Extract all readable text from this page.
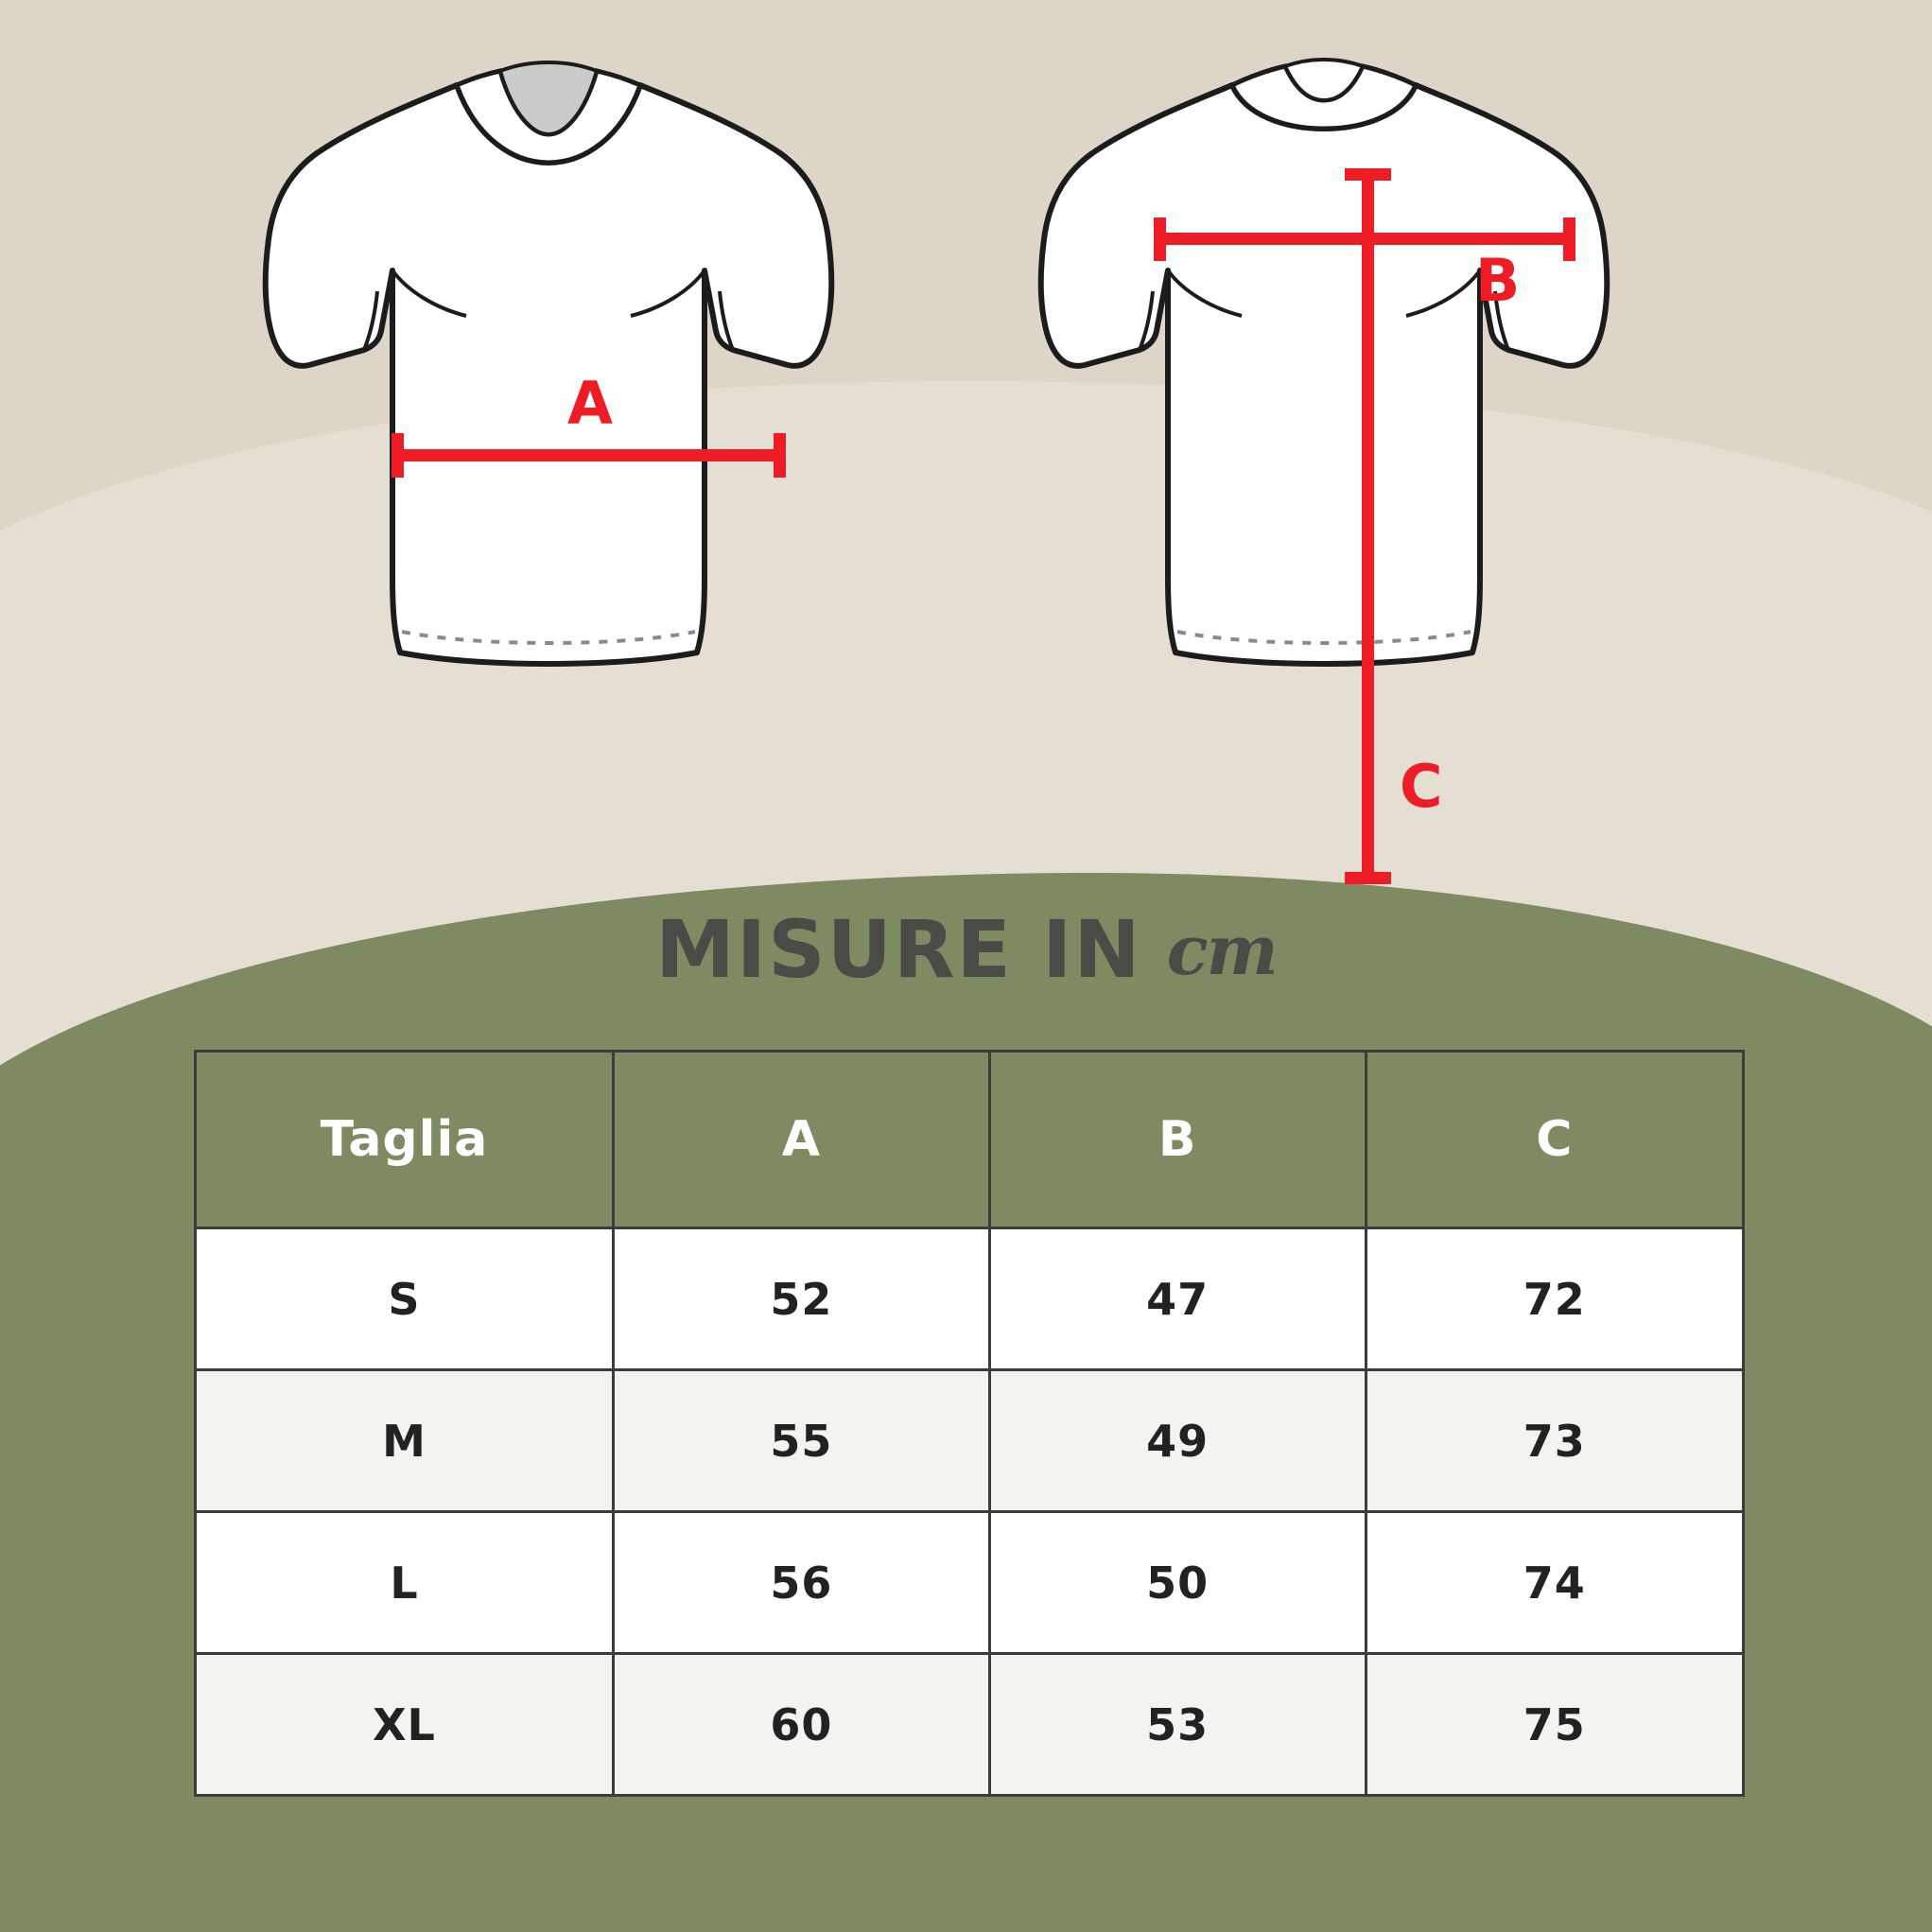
A
B
C
MISURE IN cm
Taglia	A	B	C
S	52	47	72
M	55	49	73
L	56	50	74
XL	60	53	75
